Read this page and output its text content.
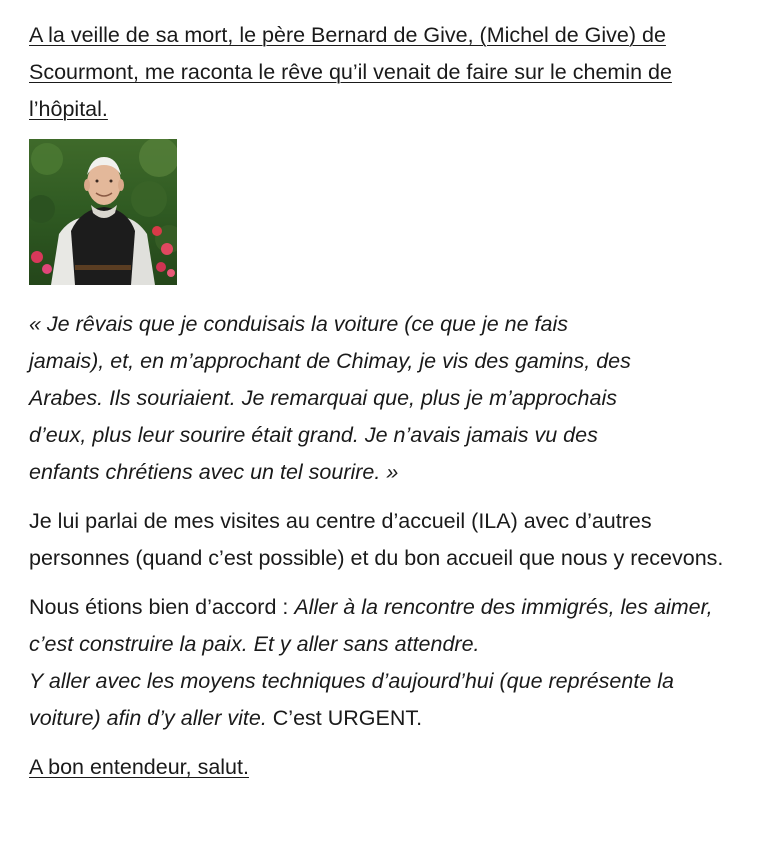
A la veille de sa mort, le père Bernard de Give, (Michel de Give) de Scourmont, me raconta le rêve qu’il venait de faire sur le chemin de l’hôpital.

« Je rêvais que je conduisais la voiture (ce que je ne fais
jamais), et, en m’approchant de Chimay, je vis des gamins, des
Arabes. Ils souriaient. Je remarquai que, plus je m’approchais
d’eux, plus leur sourire était grand. Je n’avais jamais vu des
enfants chrétiens avec un tel sourire. »

Je lui parlai de mes visites au centre d’accueil (ILA) avec d’autres personnes (quand c’est possible) et du bon accueil que nous y recevons.

Nous étions bien d’accord : Aller à la rencontre des immigrés, les aimer, c’est construire la paix. Et y aller sans attendre.
Y aller avec les moyens techniques d’aujourd’hui (que représente la voiture) afin d’y aller vite. C’est URGENT.

A bon entendeur, salut.
